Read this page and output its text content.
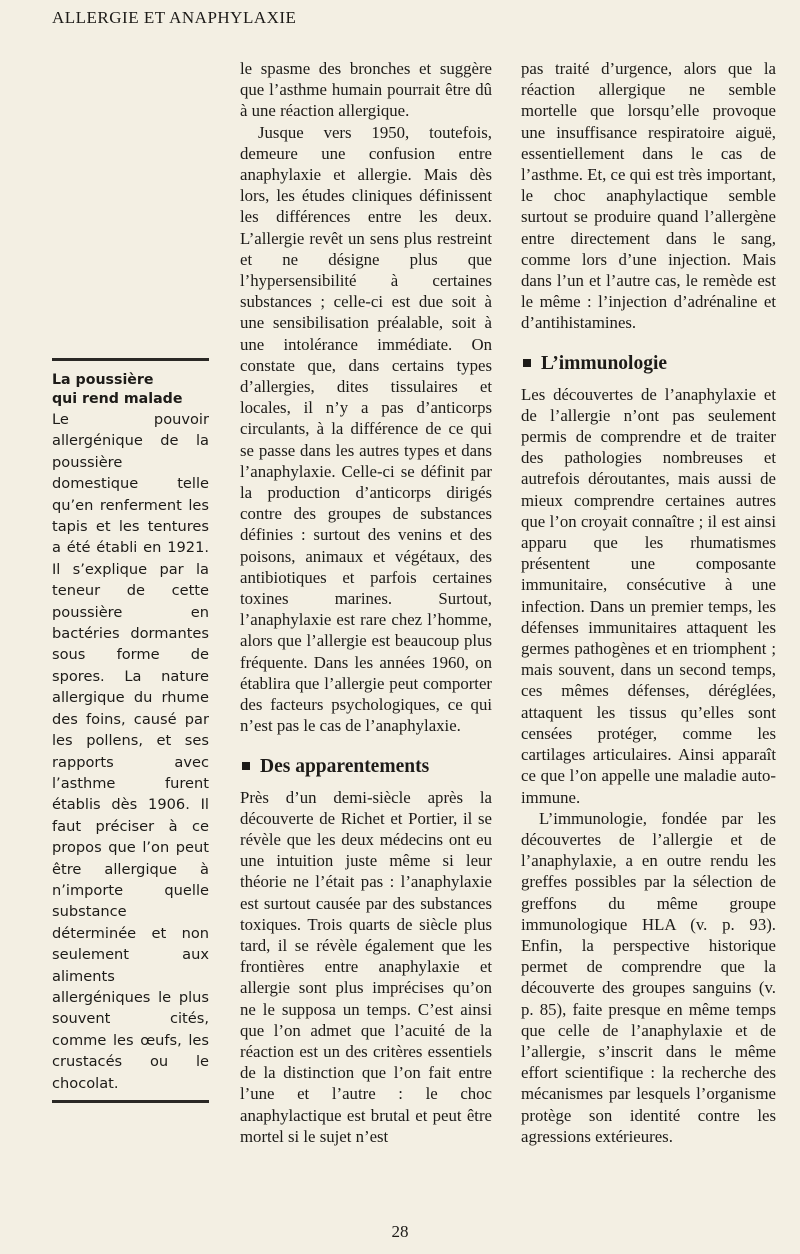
ALLERGIE ET ANAPHYLAXIE
La poussière
qui rend malade

Le pouvoir allergénique de la poussière domestique telle qu’en renferment les tapis et les tentures a été établi en 1921. Il s’explique par la teneur de cette poussière en bactéries dormantes sous forme de spores. La nature allergique du rhume des foins, causé par les pollens, et ses rapports avec l’asthme furent établis dès 1906. Il faut préciser à ce propos que l’on peut être allergique à n’importe quelle substance déterminée et non seulement aux aliments allergéniques le plus souvent cités, comme les œufs, les crustacés ou le chocolat.

le spasme des bronches et suggère que l’asthme humain pourrait être dû à une réaction allergique.

Jusque vers 1950, toutefois, demeure une confusion entre anaphylaxie et allergie. Mais dès lors, les études cliniques définissent les différences entre les deux. L’allergie revêt un sens plus restreint et ne désigne plus que l’hypersensibilité à certaines substances ; celle-ci est due soit à une sensibilisation préalable, soit à une intolérance immédiate. On constate que, dans certains types d’allergies, dites tissulaires et locales, il n’y a pas d’anticorps circulants, à la différence de ce qui se passe dans les autres types et dans l’anaphylaxie. Celle-ci se définit par la production d’anticorps dirigés contre des groupes de substances définies : surtout des venins et des poisons, animaux et végétaux, des antibiotiques et parfois certaines toxines marines. Surtout, l’anaphylaxie est rare chez l’homme, alors que l’allergie est beaucoup plus fréquente. Dans les années 1960, on établira que l’allergie peut comporter des facteurs psychologiques, ce qui n’est pas le cas de l’anaphylaxie.

Des apparentements

Près d’un demi-siècle après la découverte de Richet et Portier, il se révèle que les deux médecins ont eu une intuition juste même si leur théorie ne l’était pas : l’anaphylaxie est surtout causée par des substances toxiques. Trois quarts de siècle plus tard, il se révèle également que les frontières entre anaphylaxie et allergie sont plus imprécises qu’on ne le supposa un temps. C’est ainsi que l’on admet que l’acuité de la réaction est un des critères essentiels de la distinction que l’on fait entre l’une et l’autre : le choc anaphylactique est brutal et peut être mortel si le sujet n’est

pas traité d’urgence, alors que la réaction allergique ne semble mortelle que lorsqu’elle provoque une insuffisance respiratoire aiguë, essentiellement dans le cas de l’asthme. Et, ce qui est très important, le choc anaphylactique semble surtout se produire quand l’allergène entre directement dans le sang, comme lors d’une injection. Mais dans l’un et l’autre cas, le remède est le même : l’injection d’adrénaline et d’antihistamines.

L’immunologie

Les découvertes de l’anaphylaxie et de l’allergie n’ont pas seulement permis de comprendre et de traiter des pathologies nombreuses et autrefois déroutantes, mais aussi de mieux comprendre certaines autres que l’on croyait connaître ; il est ainsi apparu que les rhumatismes présentent une composante immunitaire, consécutive à une infection. Dans un premier temps, les défenses immunitaires attaquent les germes pathogènes et en triomphent ; mais souvent, dans un second temps, ces mêmes défenses, déréglées, attaquent les tissus qu’elles sont censées protéger, comme les cartilages articulaires. Ainsi apparaît ce que l’on appelle une maladie auto-immune.

L’immunologie, fondée par les découvertes de l’allergie et de l’anaphylaxie, a en outre rendu les greffes possibles par la sélection de greffons du même groupe immunologique HLA (v. p. 93). Enfin, la perspective historique permet de comprendre que la découverte des groupes sanguins (v. p. 85), faite presque en même temps que celle de l’anaphylaxie et de l’allergie, s’inscrit dans le même effort scientifique : la recherche des mécanismes par lesquels l’organisme protège son identité contre les agressions extérieures.

28
